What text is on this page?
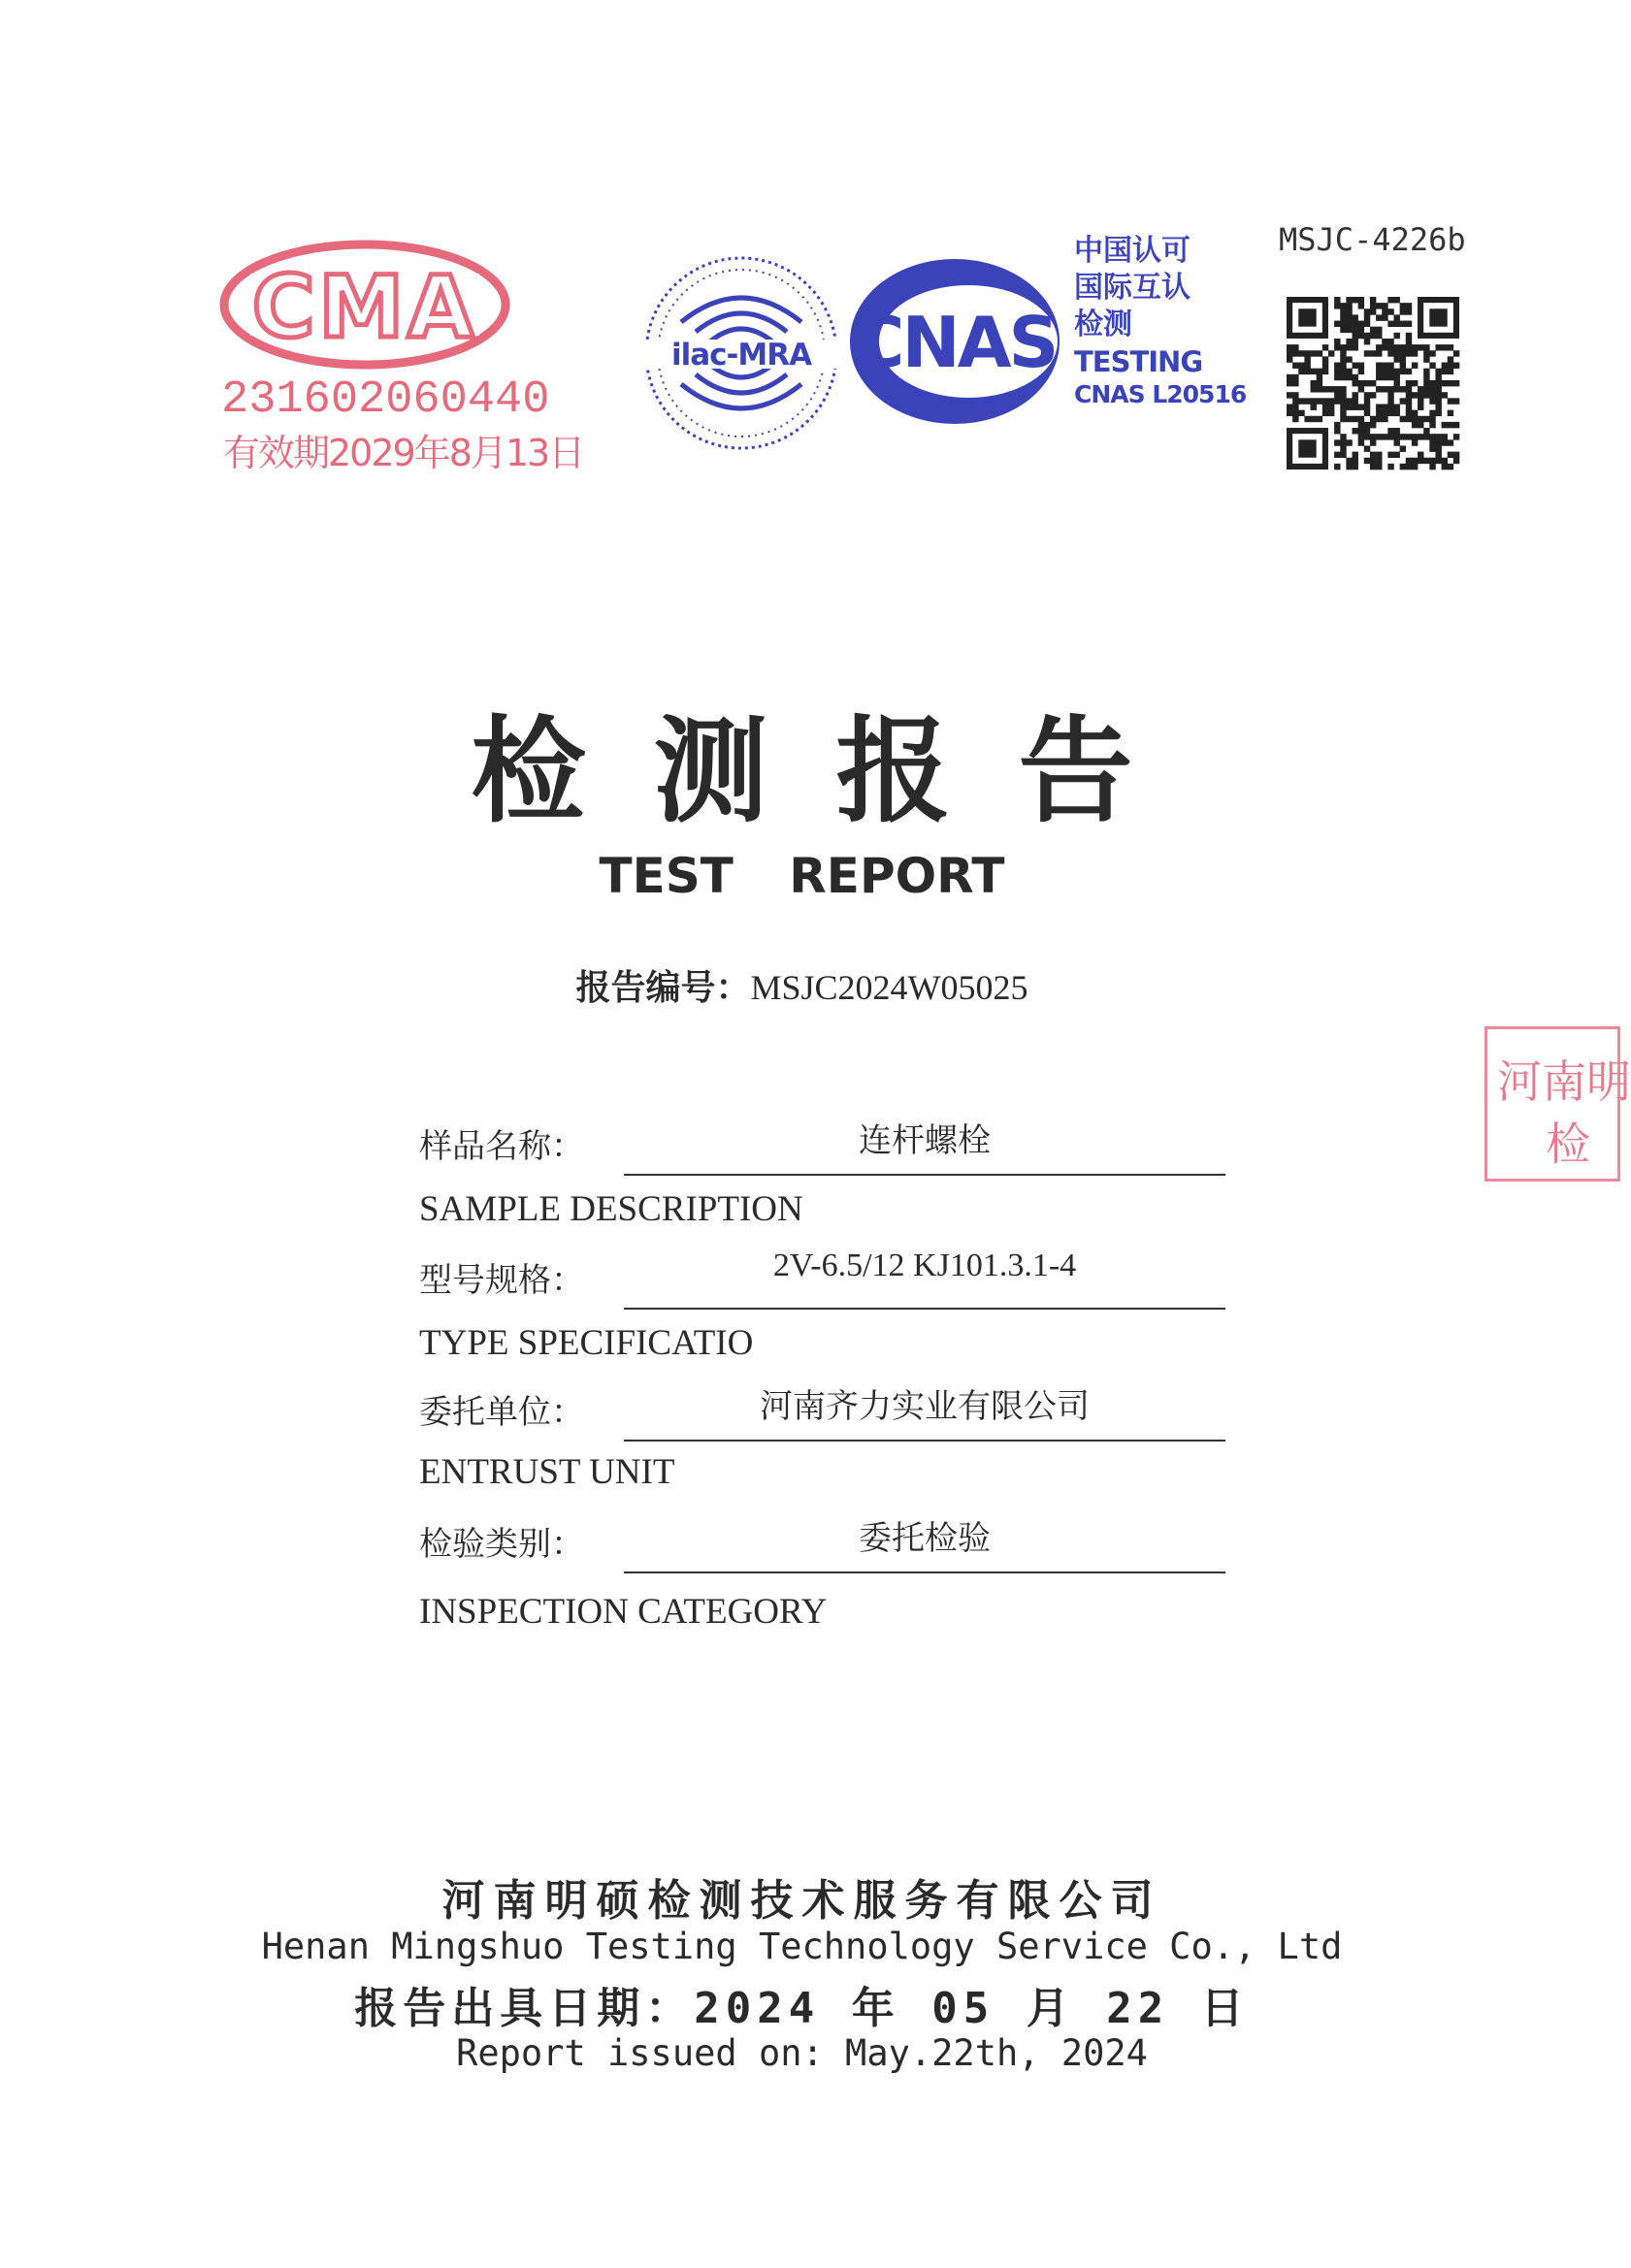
CMA
231602060440
有效期2029年8月13日
ilac-MRA CNAS
中国认可
国际互认
检测
TESTING
CNAS L20516
MSJC-4226b
检测报告
TEST REPORT
报告编号：MSJC2024W05025
河南明
检
样品名称：	连杆螺栓
SAMPLE DESCRIPTION
型号规格：	2V-6.5/12 KJ101.3.1-4
TYPE SPECIFICATIO
委托单位：	河南齐力实业有限公司
ENTRUST UNIT
检验类别：	委托检验
INSPECTION CATEGORY
河南明硕检测技术服务有限公司
Henan Mingshuo Testing Technology Service Co., Ltd
报告出具日期：2024 年 05 月 22 日
Report issued on: May.22th, 2024
